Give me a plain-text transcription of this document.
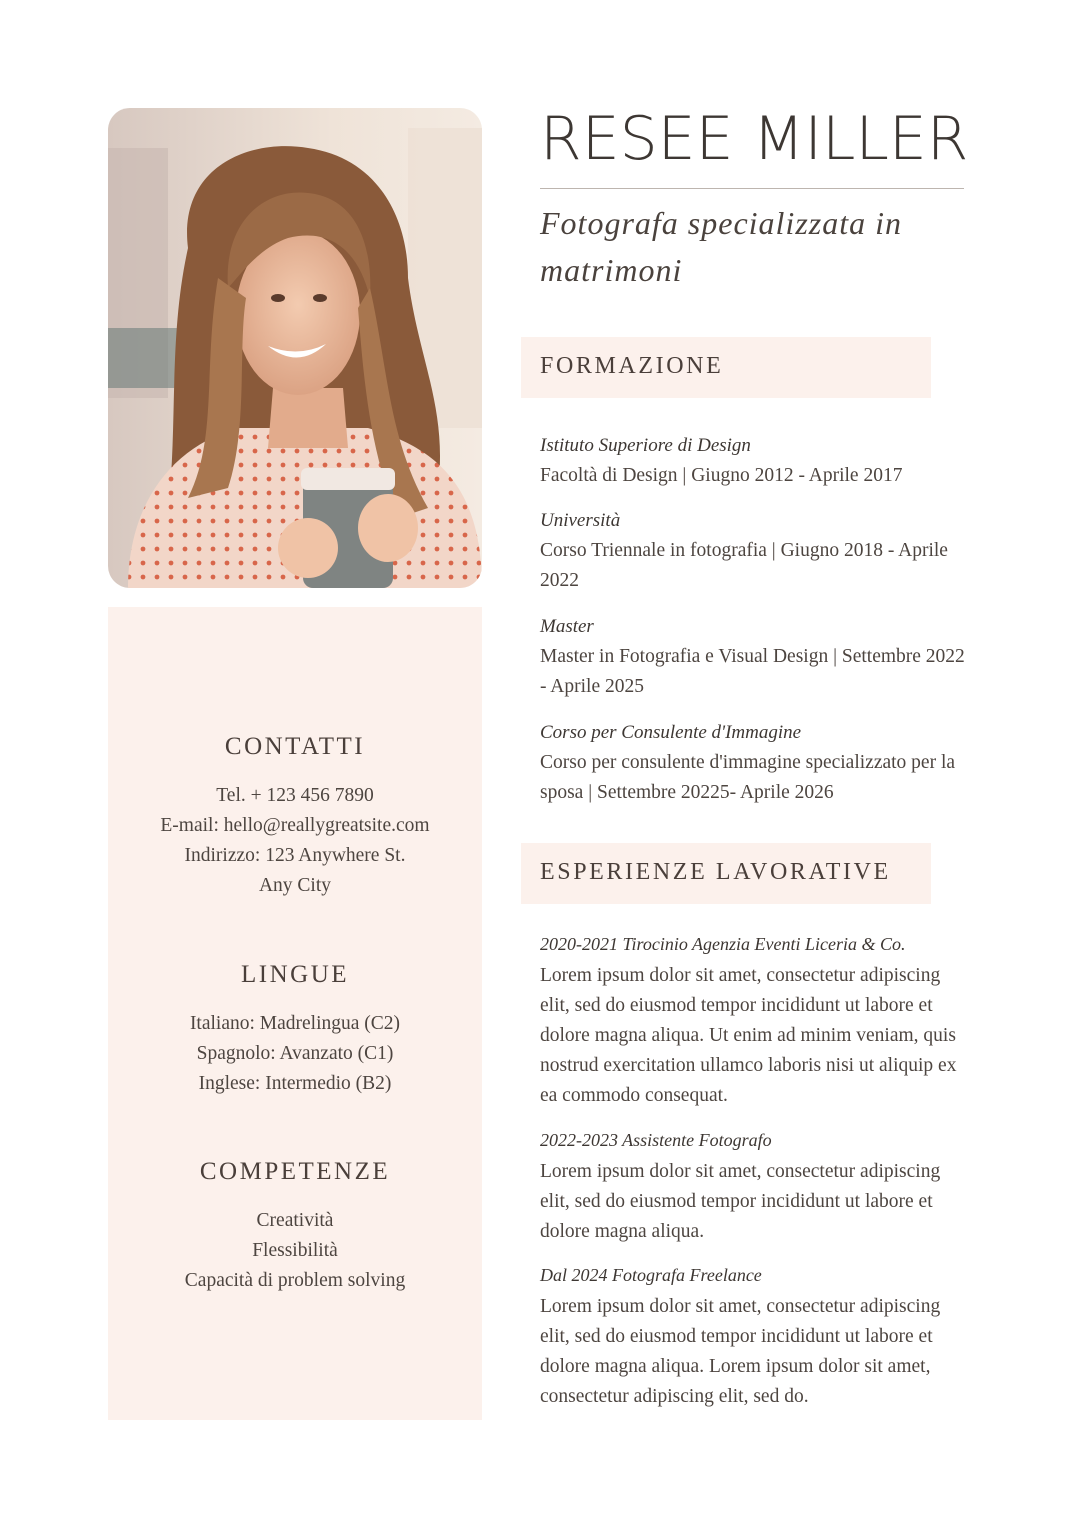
CONTATTI
Tel. + 123 456 7890
E-mail: hello@reallygreatsite.com
Indirizzo: 123 Anywhere St.
Any City
LINGUE
Italiano: Madrelingua (C2)
Spagnolo: Avanzato (C1)
Inglese: Intermedio (B2)
COMPETENZE
Creatività
Flessibilità
Capacità di problem solving
RESEE MILLER
Fotografa specializzata in matrimoni
FORMAZIONE
Istituto Superiore di Design
Facoltà di Design | Giugno 2012 - Aprile 2017
Università
Corso Triennale in fotografia | Giugno 2018 - Aprile 2022
Master
Master in Fotografia e Visual Design | Settembre 2022 - Aprile 2025
Corso per Consulente d'Immagine
Corso per consulente d'immagine specializzato per la sposa | Settembre 20225- Aprile 2026
ESPERIENZE LAVORATIVE
2020-2021 Tirocinio Agenzia Eventi Liceria & Co.
Lorem ipsum dolor sit amet, consectetur adipiscing elit, sed do eiusmod tempor incididunt ut labore et dolore magna aliqua. Ut enim ad minim veniam, quis nostrud exercitation ullamco laboris nisi ut aliquip ex ea commodo consequat.
2022-2023 Assistente Fotografo
Lorem ipsum dolor sit amet, consectetur adipiscing elit, sed do eiusmod tempor incididunt ut labore et dolore magna aliqua.
Dal 2024 Fotografa Freelance
Lorem ipsum dolor sit amet, consectetur adipiscing elit, sed do eiusmod tempor incididunt ut labore et dolore magna aliqua. Lorem ipsum dolor sit amet, consectetur adipiscing elit, sed do.
